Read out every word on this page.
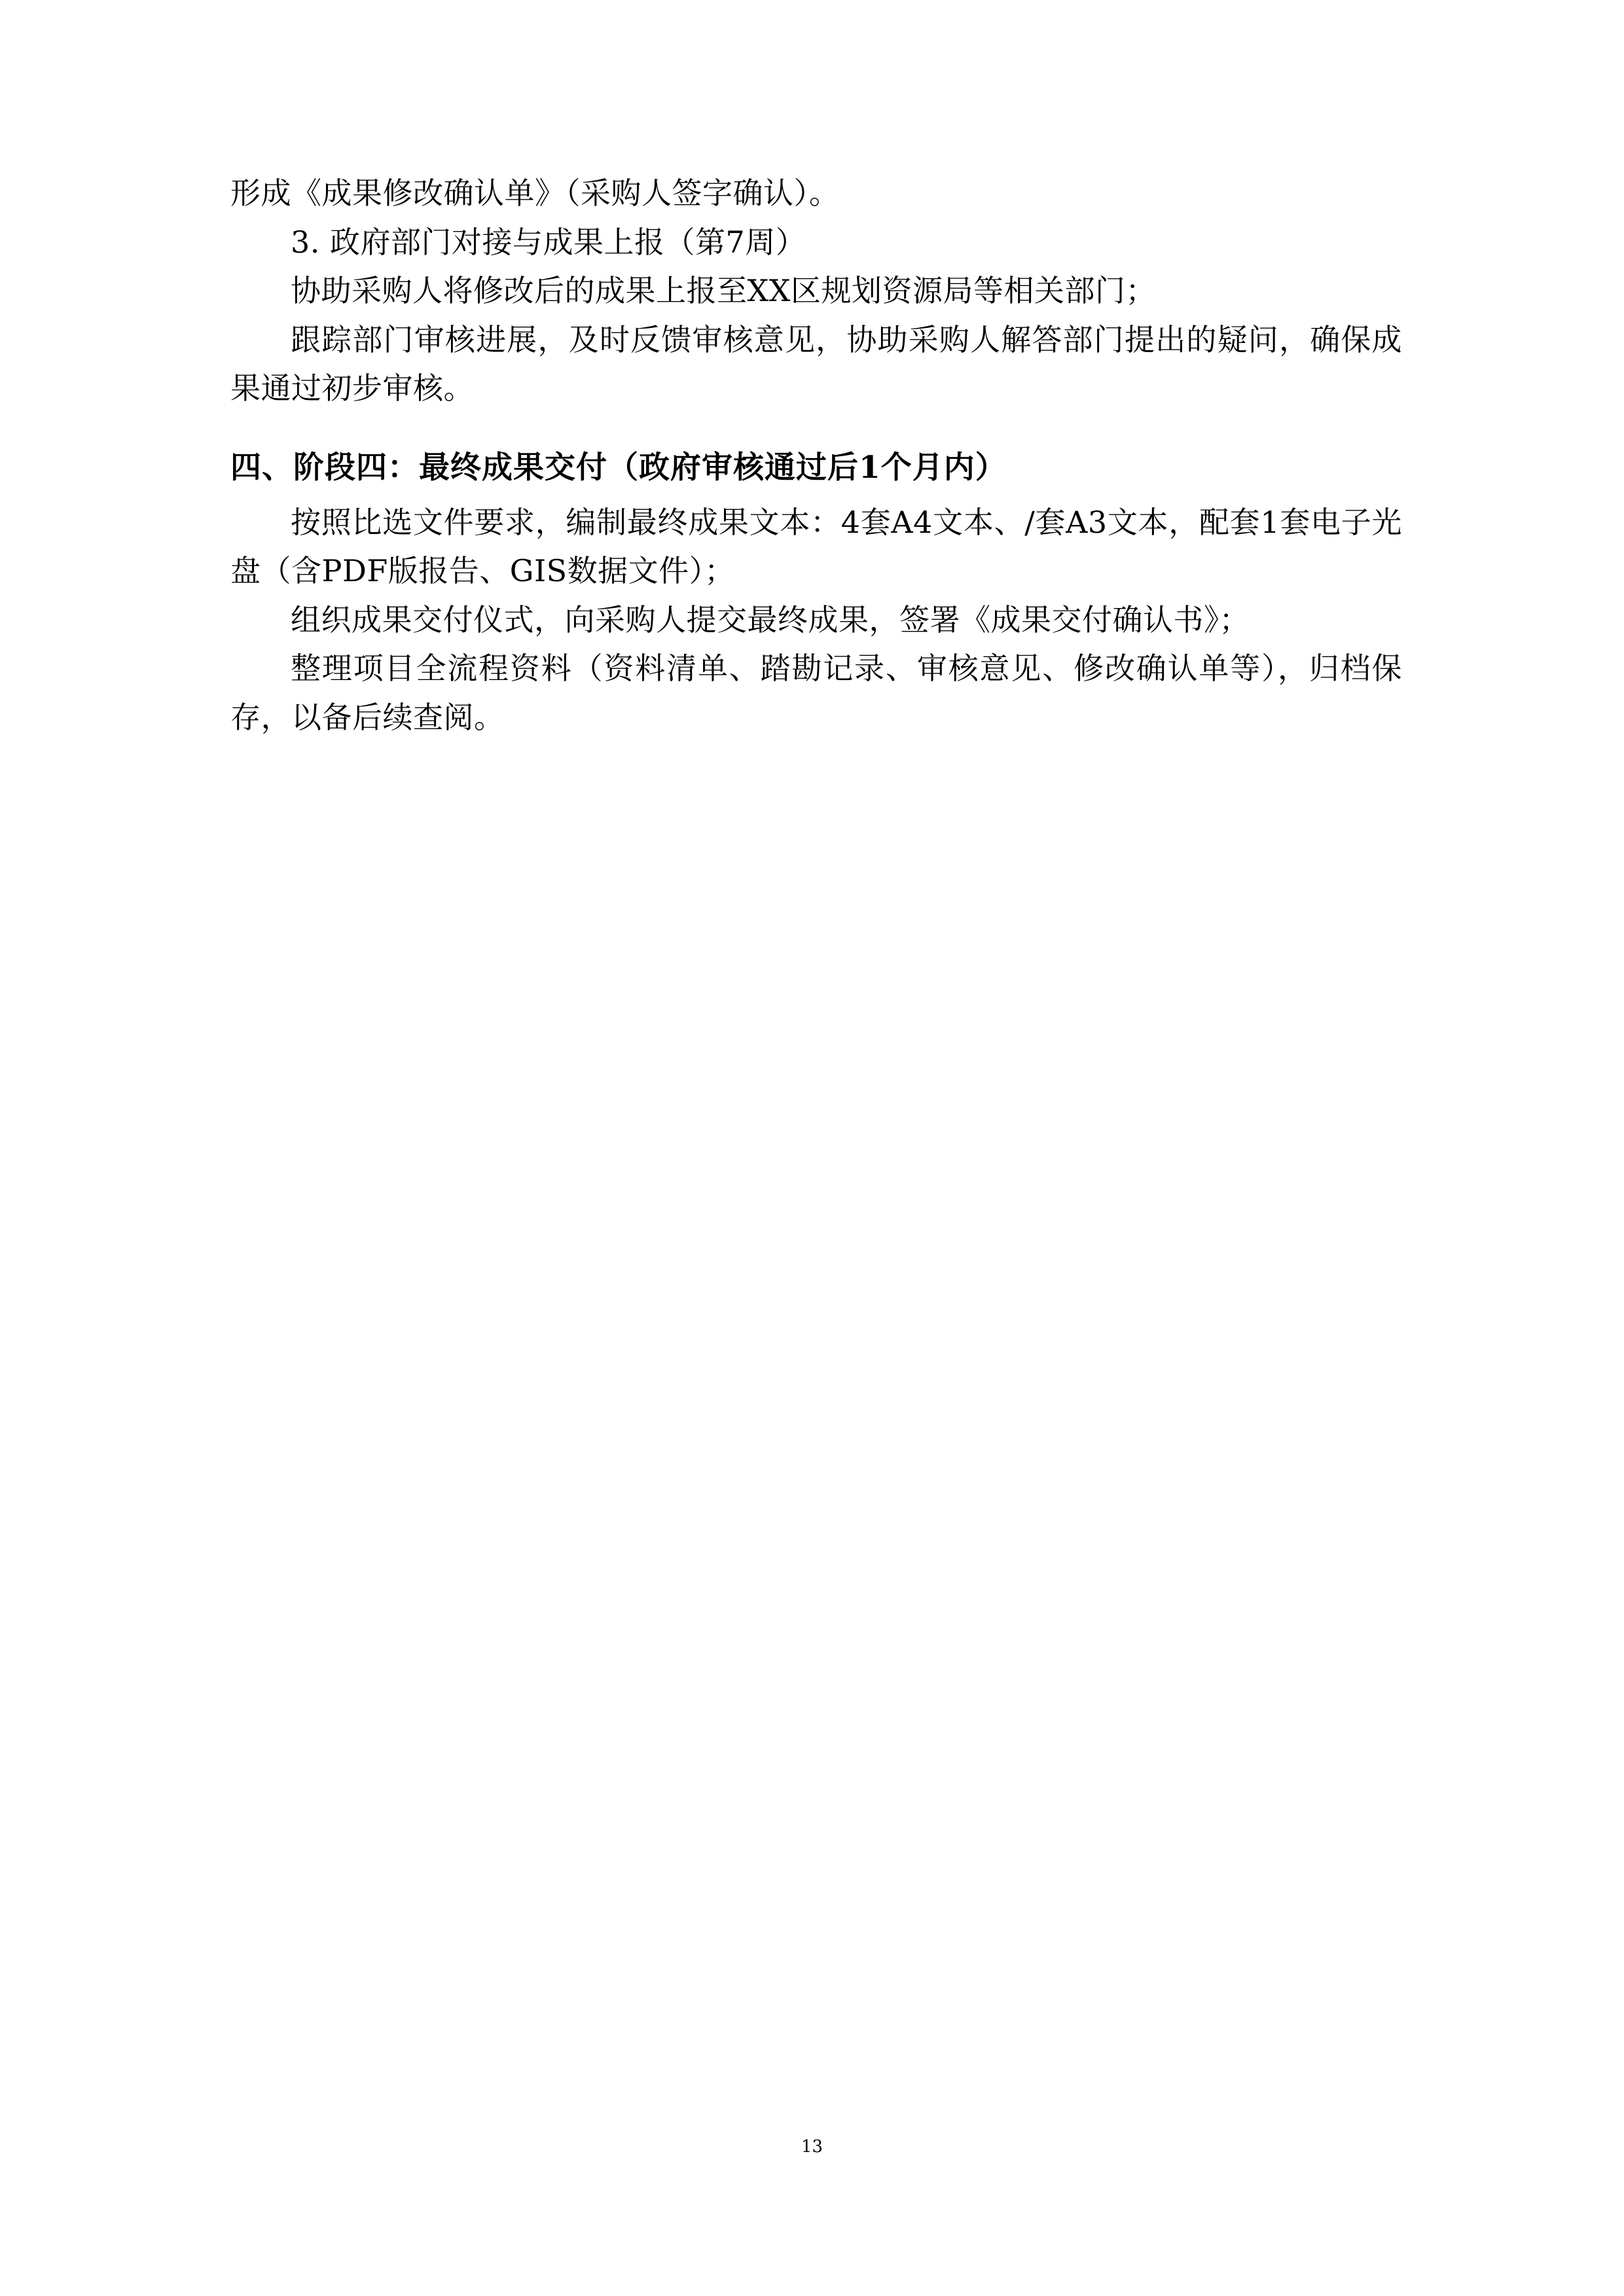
形成《成果修改确认单》（采购人签字确认）。

3. 政府部门对接与成果上报（第7周）

协助采购人将修改后的成果上报至XX区规划资源局等相关部门；

跟踪部门审核进展，及时反馈审核意见，协助采购人解答部门提出的疑问，确保成果通过初步审核。

四、阶段四：最终成果交付（政府审核通过后1个月内）

按照比选文件要求，编制最终成果文本：4套A4文本、/套A3文本，配套1套电子光盘（含PDF版报告、GIS数据文件）；

组织成果交付仪式，向采购人提交最终成果，签署《成果交付确认书》；

整理项目全流程资料（资料清单、踏勘记录、审核意见、修改确认单等），归档保存，以备后续查阅。

13
